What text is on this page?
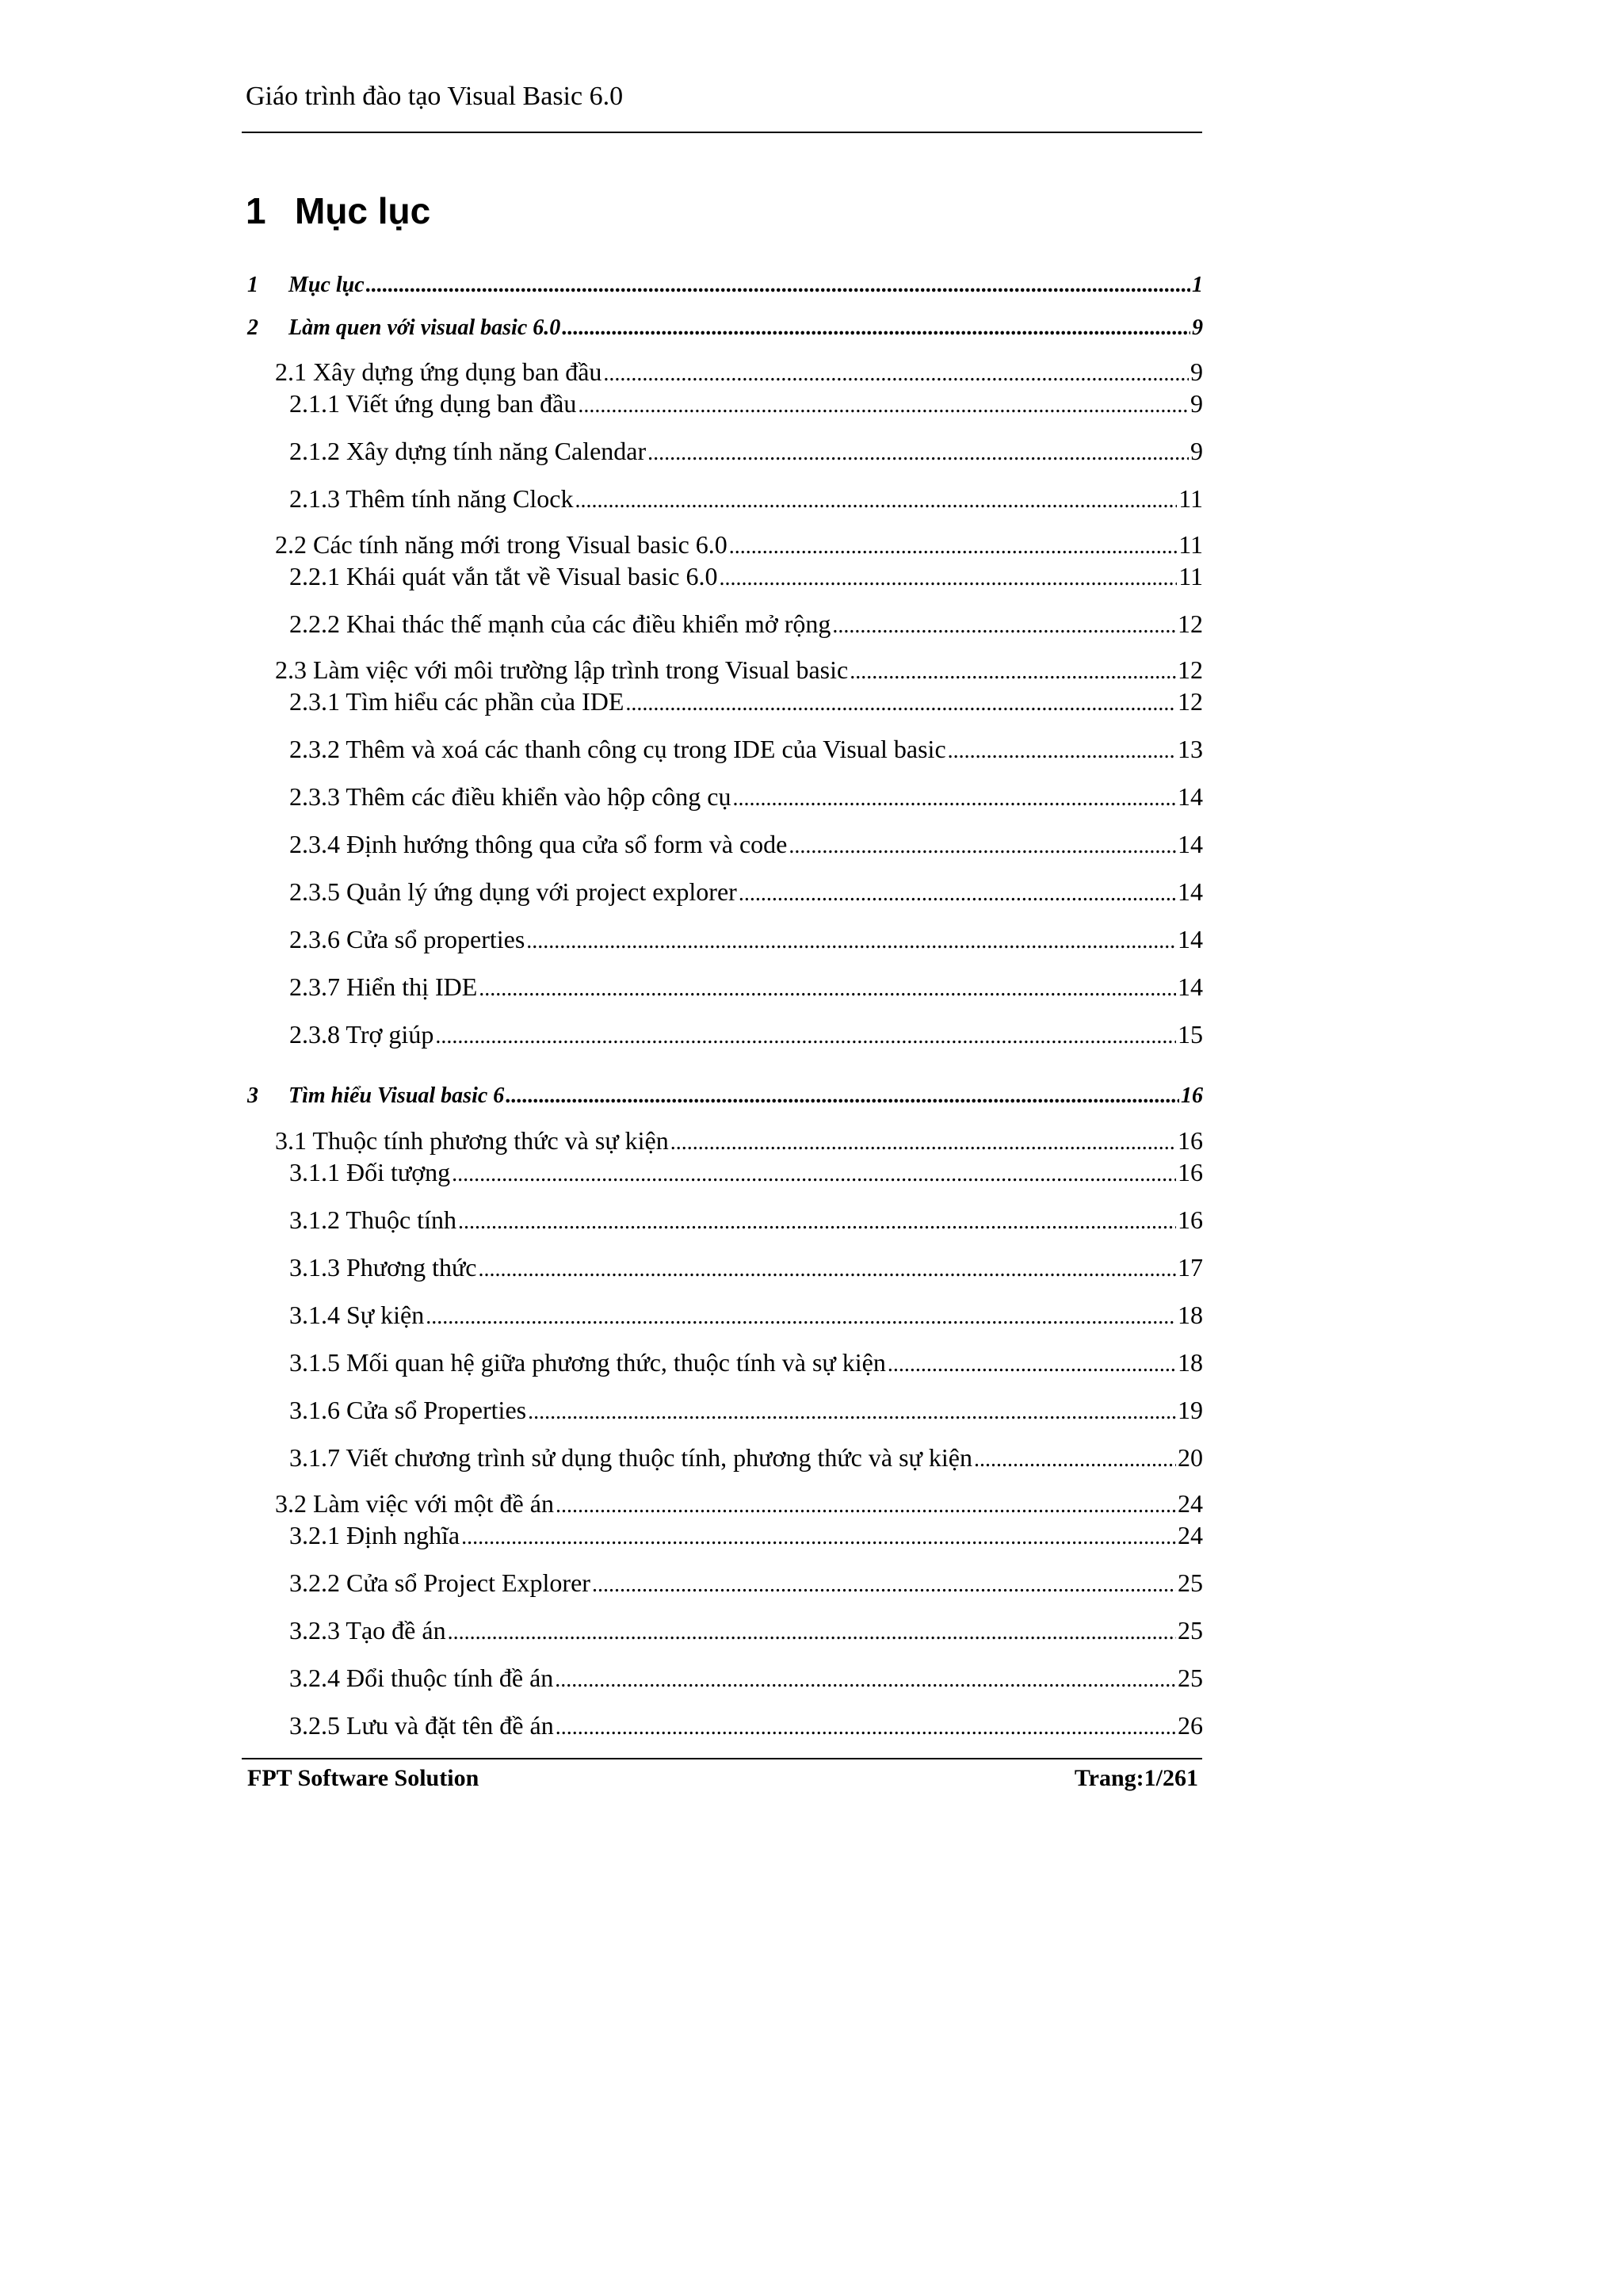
Giáo trình đào tạo Visual Basic 6.0
1 Mục lục
1 Mục lục .....	1
2 Làm quen với visual basic 6.0 .....	9
2.1 Xây dựng ứng dụng ban đầu .....	9
2.1.1 Viết ứng dụng ban đầu .....	9
2.1.2 Xây dựng tính năng Calendar .....	9
2.1.3 Thêm tính năng Clock .....	11
2.2 Các tính năng mới trong Visual basic 6.0 .....	11
2.2.1 Khái quát vắn tắt về Visual basic 6.0 .....	11
2.2.2 Khai thác thế mạnh của các điều khiển mở rộng .....	12
2.3 Làm việc với môi trường lập trình trong Visual basic .....	12
2.3.1 Tìm hiểu các phần của IDE .....	12
2.3.2 Thêm và xoá các thanh công cụ trong IDE của Visual basic .....	13
2.3.3 Thêm các điều khiển vào hộp công cụ .....	14
2.3.4 Định hướng thông qua cửa sổ form và code .....	14
2.3.5 Quản lý ứng dụng với project explorer .....	14
2.3.6 Cửa sổ properties .....	14
2.3.7 Hiển thị IDE .....	14
2.3.8 Trợ giúp .....	15
3 Tìm hiểu Visual basic 6 .....	16
3.1 Thuộc tính phương thức và sự kiện .....	16
3.1.1 Đối tượng .....	16
3.1.2 Thuộc tính .....	16
3.1.3 Phương thức .....	17
3.1.4 Sự kiện .....	18
3.1.5 Mối quan hệ giữa phương thức, thuộc tính và sự kiện .....	18
3.1.6 Cửa sổ Properties .....	19
3.1.7 Viết chương trình sử dụng thuộc tính, phương thức và sự kiện .....	20
3.2 Làm việc với một đề án .....	24
3.2.1 Định nghĩa .....	24
3.2.2 Cửa sổ Project Explorer .....	25
3.2.3 Tạo đề án .....	25
3.2.4 Đổi thuộc tính đề án .....	25
3.2.5 Lưu và đặt tên đề án .....	26
FPT Software Solution	Trang:1/261
